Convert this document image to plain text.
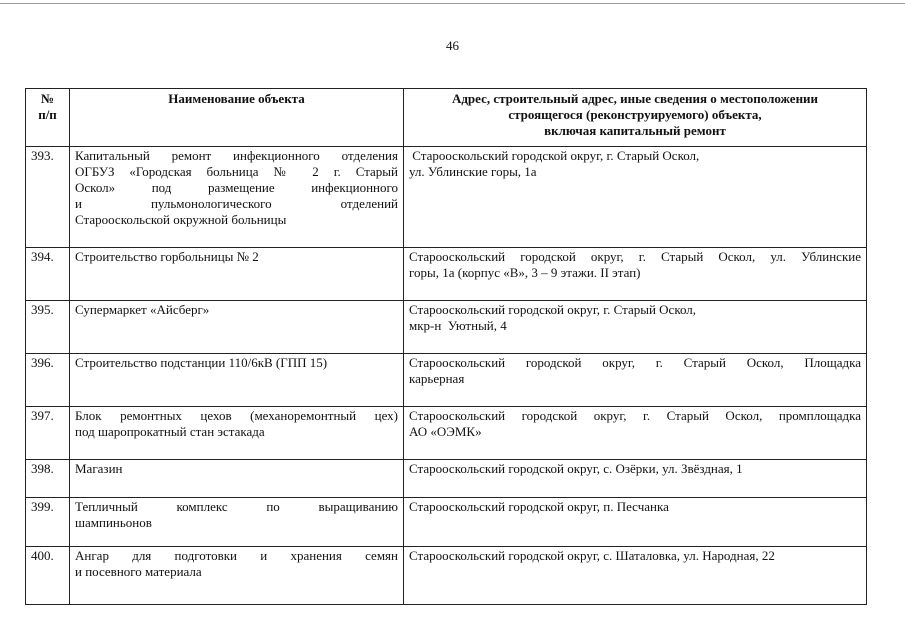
46
№
п/п	Наименование объекта	Адрес, строительный адрес, иные сведения о местоположении
строящегося (реконструируемого) объекта,
включая капитальный ремонт

393.	Капитальный ремонт инфекционного отделения
ОГБУЗ «Городская больница № 2 г. Старый
Оскол» под размещение инфекционного
и пульмонологического отделений
Старооскольской окружной больницы	Старооскольский городской округ, г. Старый Оскол,
ул. Ублинские горы, 1а

394.	Строительство горбольницы № 2	Старооскольский городской округ, г. Старый Оскол, ул. Ублинские
горы, 1а (корпус «В», 3 – 9 этажи. II этап)

395.	Супермаркет «Айсберг»	Старооскольский городской округ, г. Старый Оскол,
мкр-н  Уютный, 4

396.	Строительство подстанции 110/6кВ (ГПП 15)	Старооскольский городской округ, г. Старый Оскол, Площадка
карьерная

397.	Блок ремонтных цехов (механоремонтный цех)
под шаропрокатный стан эстакада	Старооскольский городской округ, г. Старый Оскол, промплощадка
АО «ОЭМК»

398.	Магазин	Старооскольский городской округ, с. Озёрки, ул. Звёздная, 1

399.	Тепличный комплекс по выращиванию
шампиньонов	Старооскольский городской округ, п. Песчанка

400.	Ангар для подготовки и хранения семян
и посевного материала	Старооскольский городской округ, с. Шаталовка, ул. Народная, 22
